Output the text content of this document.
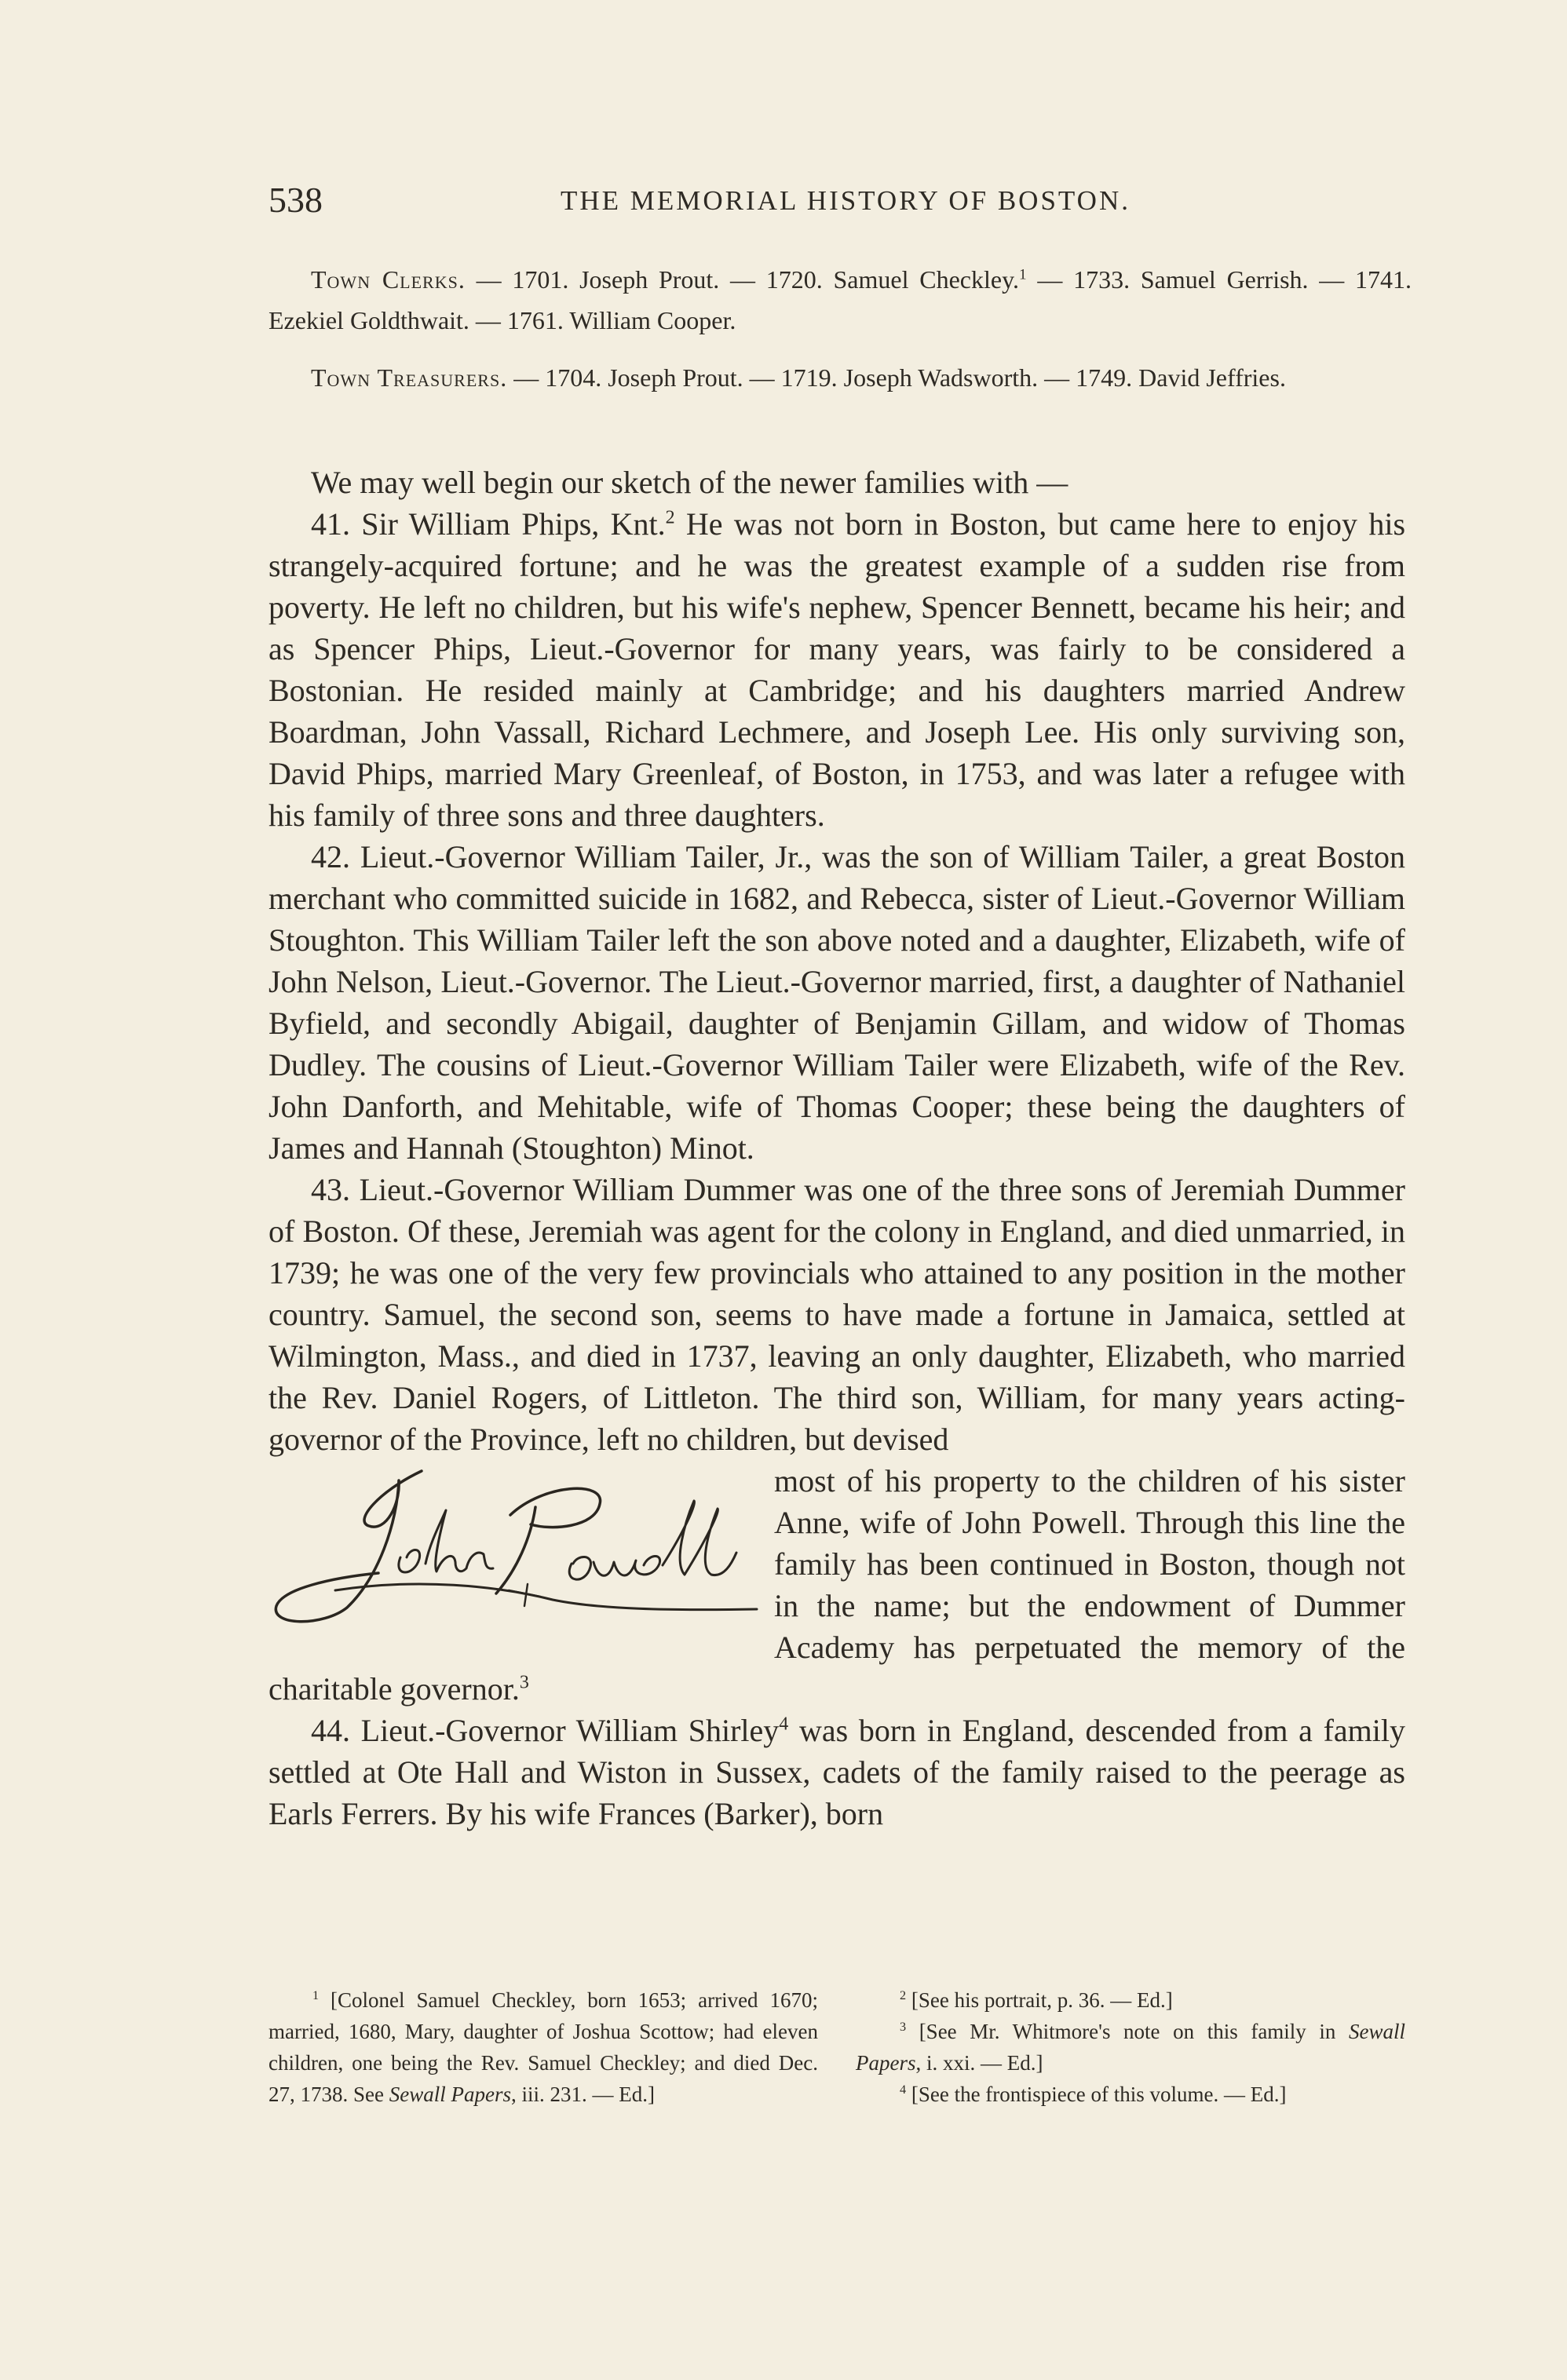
538	THE MEMORIAL HISTORY OF BOSTON.

Town Clerks. — 1701. Joseph Prout. — 1720. Samuel Checkley.$^1$ — 1733. Samuel Gerrish. — 1741. Ezekiel Goldthwait. — 1761. William Cooper.

Town Treasurers. — 1704. Joseph Prout. — 1719. Joseph Wadsworth. — 1749. David Jeffries.

We may well begin our sketch of the newer families with —

41. Sir William Phips, Knt.$^2$ He was not born in Boston, but came here to enjoy his strangely-acquired fortune; and he was the greatest example of a sudden rise from poverty. He left no children, but his wife's nephew, Spencer Bennett, became his heir; and as Spencer Phips, Lieut.-Governor for many years, was fairly to be considered a Bostonian. He resided mainly at Cambridge; and his daughters married Andrew Boardman, John Vassall, Richard Lechmere, and Joseph Lee. His only surviving son, David Phips, married Mary Greenleaf, of Boston, in 1753, and was later a refugee with his family of three sons and three daughters.

42. Lieut.-Governor William Tailer, Jr., was the son of William Tailer, a great Boston merchant who committed suicide in 1682, and Rebecca, sister of Lieut.-Governor William Stoughton. This William Tailer left the son above noted and a daughter, Elizabeth, wife of John Nelson, Lieut.-Governor. The Lieut.-Governor married, first, a daughter of Nathaniel Byfield, and secondly Abigail, daughter of Benjamin Gillam, and widow of Thomas Dudley. The cousins of Lieut.-Governor William Tailer were Elizabeth, wife of the Rev. John Danforth, and Mehitable, wife of Thomas Cooper; these being the daughters of James and Hannah (Stoughton) Minot.

43. Lieut.-Governor William Dummer was one of the three sons of Jeremiah Dummer of Boston. Of these, Jeremiah was agent for the colony in England, and died unmarried, in 1739; he was one of the very few provincials who attained to any position in the mother country. Samuel, the second son, seems to have made a fortune in Jamaica, settled at Wilmington, Mass., and died in 1737, leaving an only daughter, Elizabeth, who married the Rev. Daniel Rogers, of Littleton. The third son, William, for many years acting-governor of the Province, left no children, but devised

most of his property to the children of his sister Anne, wife of John Powell. Through this line the family has been continued in Boston, though not in the name; but the endowment of Dummer Academy has perpetuated the memory of the charitable governor.$^3$

44. Lieut.-Governor William Shirley$^4$ was born in England, descended from a family settled at Ote Hall and Wiston in Sussex, cadets of the family raised to the peerage as Earls Ferrers. By his wife Frances (Barker), born

$^1$ [Colonel Samuel Checkley, born 1653; arrived 1670; married, 1680, Mary, daughter of Joshua Scottow; had eleven children, one being the Rev. Samuel Checkley; and died Dec. 27, 1738. See Sewall Papers, iii. 231. — Ed.]

$^2$ [See his portrait, p. 36. — Ed.]

$^3$ [See Mr. Whitmore's note on this family in Sewall Papers, i. xxi. — Ed.]

$^4$ [See the frontispiece of this volume. — Ed.]
